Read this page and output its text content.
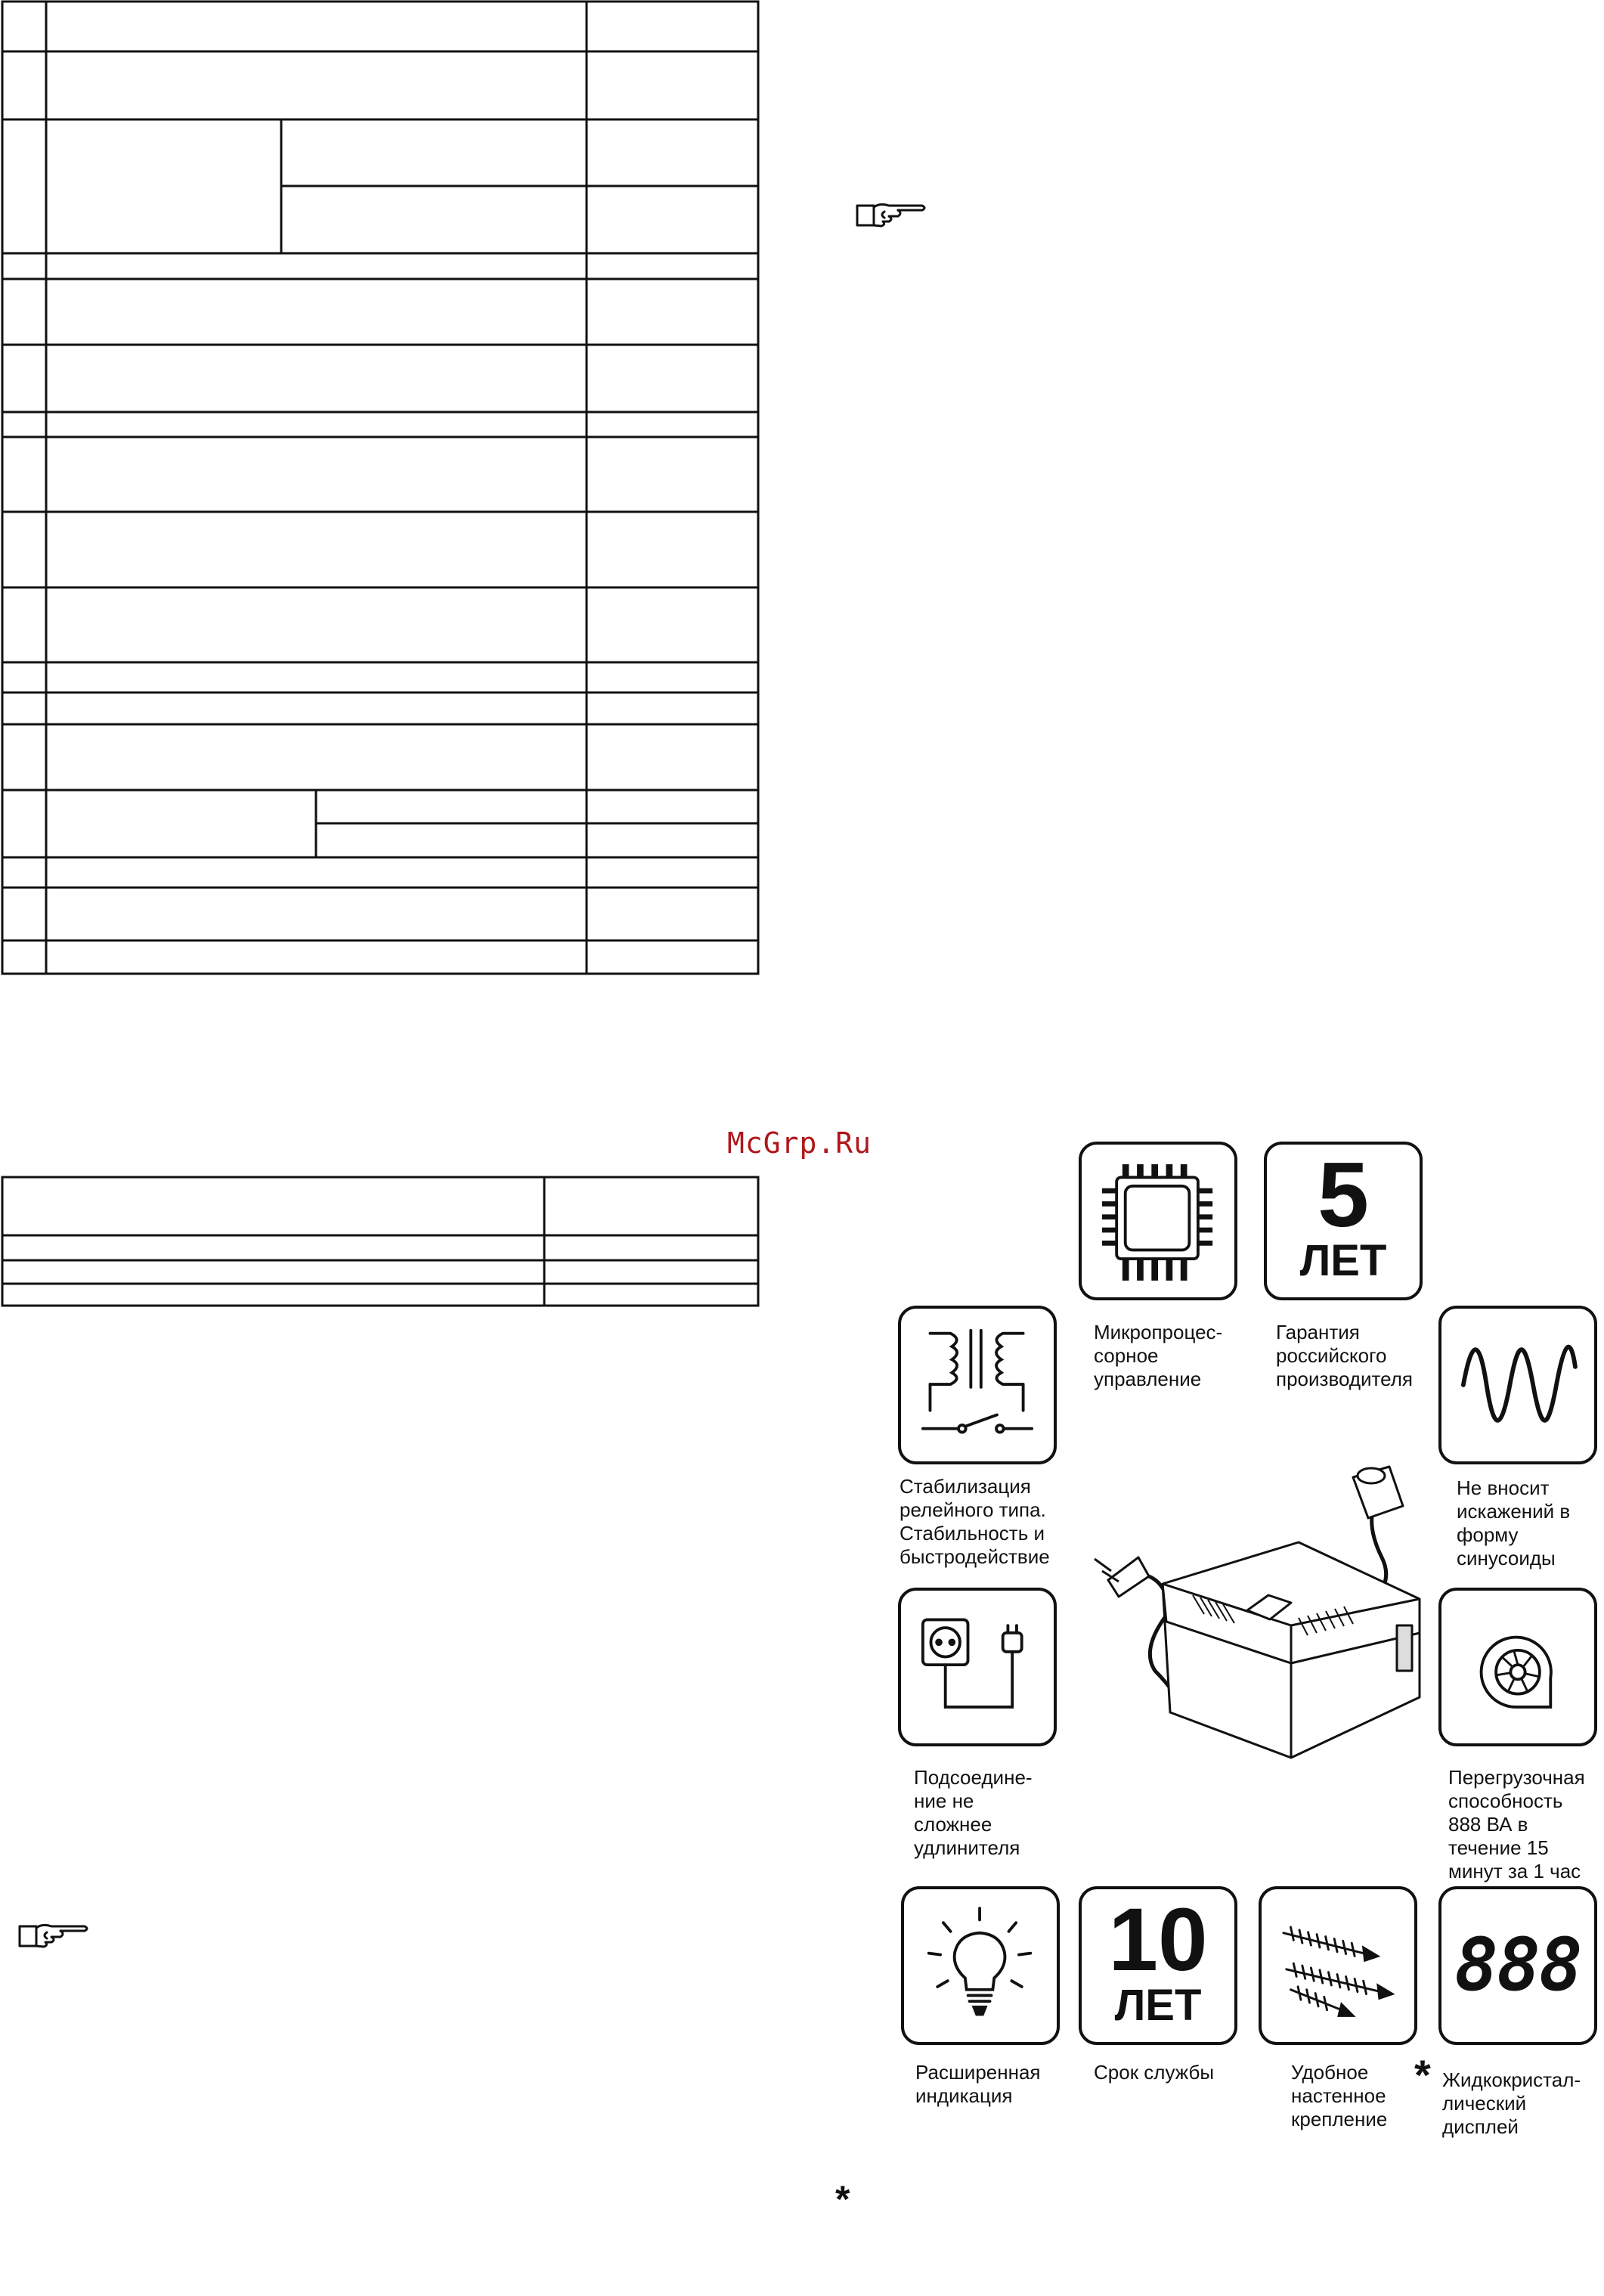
McGrp.Ru
Микропроцес-
сорное
управление
5
ЛЕТ
Гарантия
российского
производителя
Стабилизация
релейного типа.
Стабильность и
быстродействие
Не вносит
искажений в
форму
синусоиды
Подсоедине-
ние не
сложнее
удлинителя
Перегрузочная
способность
888 ВА в
течение 15
минут за 1 час
Расширенная
индикация
10
ЛЕТ
Срок службы	Удобное
настенное
крепление
888
* Жидкокристал-
лический
дисплей
*
